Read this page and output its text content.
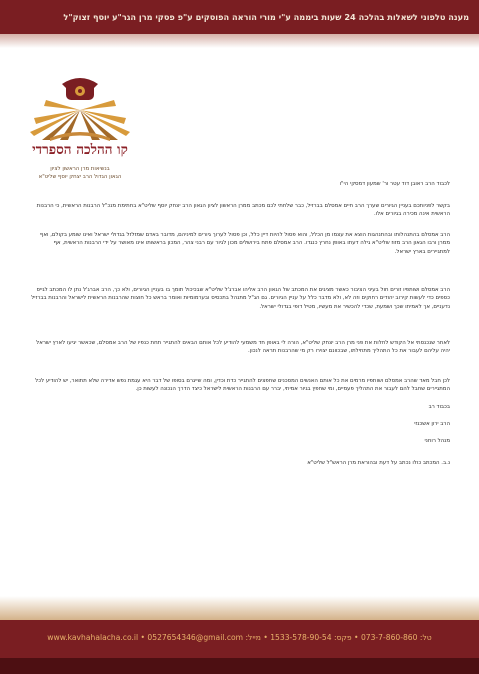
מענה טלפוני לשאלות בהלכה 24 שעות ביממה ע"י מורי הוראה הפוסקים ע"פ פסקי מרן הגר"ע יוסף זצוק"ל
קו ההלכה הספרדי
בנשיאות מרן הראשון לציון
הגאון הגדול הרב יצחק יוסף שליט"א
לכבוד הרב ראובן דוד עטר ור' שמעון דמסקי הי"ו

בקשר לפניותכם בעניין הגיורים שערך הרב חיים אמסלם בברזיל, כבר שלחתי לכם מכתב ממרן הראשון לציון הגאון הרב יצחק יוסף שליט"א בחתימת מנכ"ל הרבנות הראשית, כי הרבנות הראשית אינה מכירה בגיורים אלו.

הרב אמסלם בהתנהלותו ובהתנהגות הוצא את עצמו מן הכלל, והוא פסול להיות דיין כלל, וכן פסול לערוך גיורים למיניהם, מדובר באדם שמזלזל בגדולי ישראל ואינו שומע בקולם, ואף ממרן ורבו הגאון הרב מזוז שליט"א גילה דעתו באופן נחרץ כנגדו. הרב אמסלם פתח בירושלים מכון לגיור עם רבני צהר, המכון בראשותו אינו מאושר על ידי הרבנות הראשית, אף למתגיירים בארץ ישראל.

הרב אמסלם ושותפיו זורים חול בעיני הציבור כאשר מציגים את המכתב של הגאון הרב אליהו אברג'ל שליט"א שבכיכול תומך בו בעניין הגיורים, ולא כך, הרב אברג'ל נתן לו המכתב לגייס כספים כדי לעשות קירוב יהודים רחוקים וזה לא, ולא מדבר כלל על עניין הגיורים. גם הג"ל מתנהל בתכסיס ובערמומיות ואומר בראש כל חוצות שהרבנות הראשית לישראל והרבנות בברזיל נדעניים, אך לאמיתו שכך ושמעת, שכדי להכשיר את מעשיו, מטיל דופי בגדולי ישראל.

לאחר שנכנסתי אל הקודש לחלות את פני מרן הרב יצחק שליט"א, הורה לי באופן חד משמעי להודיע לכל אותם הבאים להתגייר תחת כנפיו של הרב אמסלם, שכאשר יגיעו לארץ ישראל יהיה עליהם לעבור את כל התהליך מתחילתו, שבכוונם יצוירו רק מי שהרבנות תראה לנכון.

לכן חבל מאד שהרב אמסלם ושותפיו מרמים את כל אותם האנשים המסכנים שחפצים להתגייר כדת וכדין, ומה שייגרם בסופו של דבר היא עגמת נפש אדירה שלא תתואר, יש להודיע לכל המתגיירים שחבל להם לעבור את התהליך פעמיים, ומי שחפץ בגיור אמיתי, יברר עם הרבנות הראשית לישראל כיצד הדרך הנכונה לעשות כן.

בכבוד רב
הרב ירון אשכנזי
מנהל רוחני
נ.ב. המכתב כולו נכתב על דעת ובהוראת מרן הראש"ל שליט"א
טל: 073-7-860-860 • פקס: 1533-578-90-54 • מייל: www.kavhahalacha.co.il • 0527654346@gmail.com
